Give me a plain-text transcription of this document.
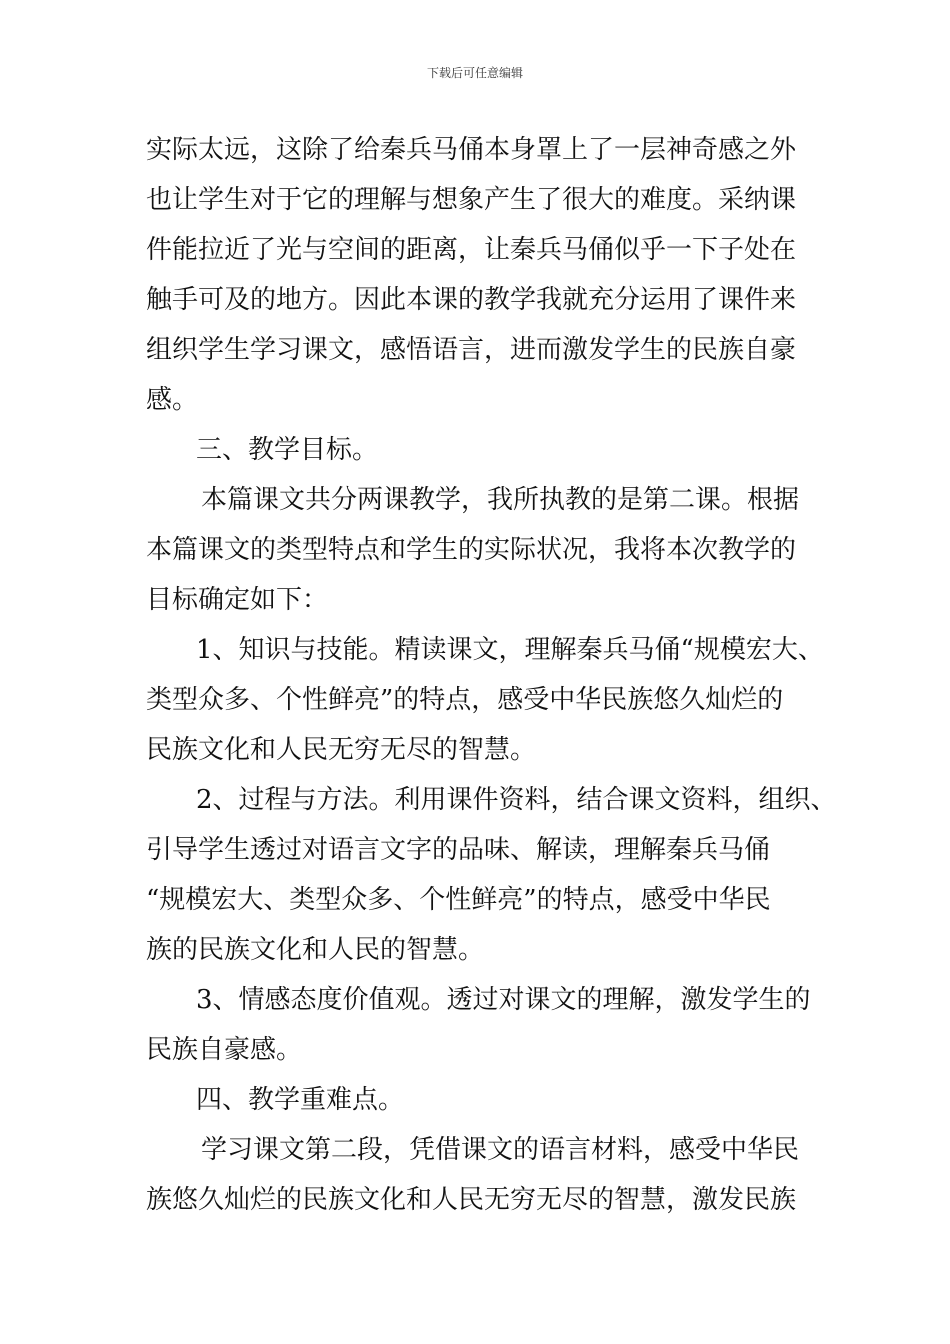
下载后可任意编辑
实际太远，这除了给秦兵马俑本身罩上了一层神奇感之外
也让学生对于它的理解与想象产生了很大的难度。采纳课
件能拉近了光与空间的距离，让秦兵马俑似乎一下子处在
触手可及的地方。因此本课的教学我就充分运用了课件来
组织学生学习课文，感悟语言，进而激发学生的民族自豪
感。
三、教学目标。
本篇课文共分两课教学，我所执教的是第二课。根据
本篇课文的类型特点和学生的实际状况，我将本次教学的
目标确定如下：
1、知识与技能。精读课文，理解秦兵马俑“规模宏大、
类型众多、个性鲜亮”的特点，感受中华民族悠久灿烂的
民族文化和人民无穷无尽的智慧。
2、过程与方法。利用课件资料，结合课文资料，组织、
引导学生透过对语言文字的品味、解读，理解秦兵马俑
“规模宏大、类型众多、个性鲜亮”的特点，感受中华民
族的民族文化和人民的智慧。
3、情感态度价值观。透过对课文的理解，激发学生的
民族自豪感。
四、教学重难点。
学习课文第二段，凭借课文的语言材料，感受中华民
族悠久灿烂的民族文化和人民无穷无尽的智慧，激发民族
